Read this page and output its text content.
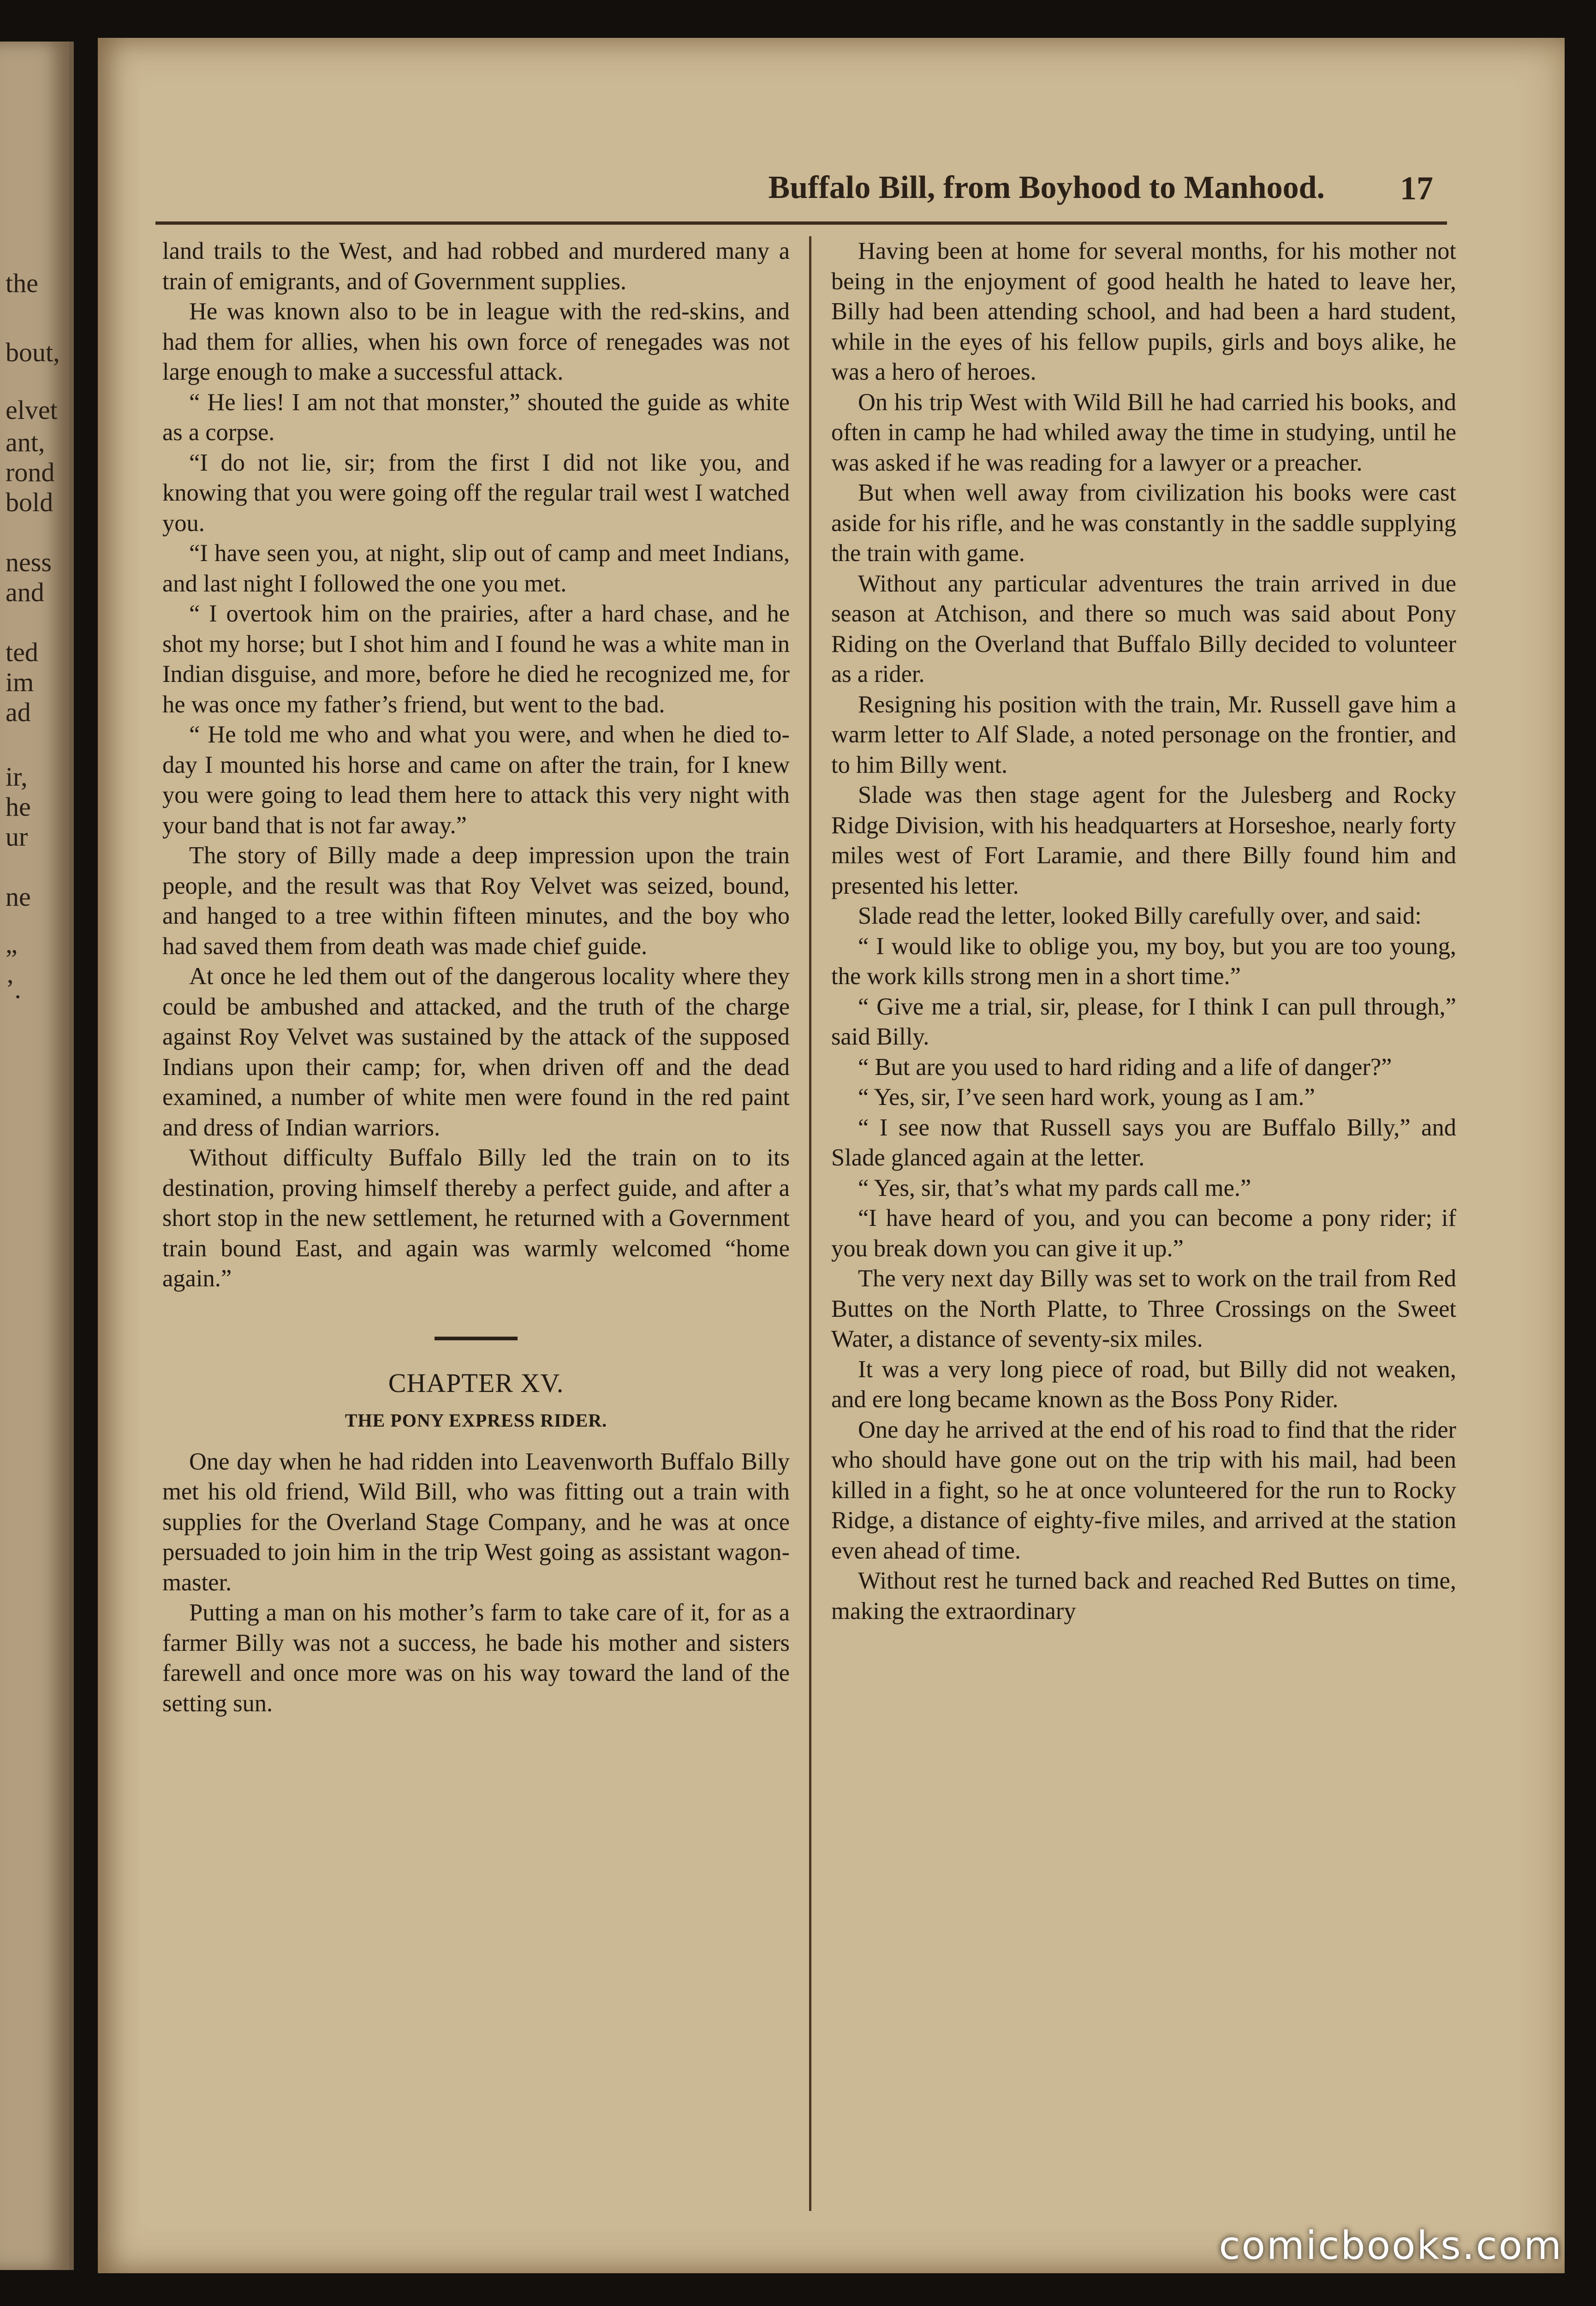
the
bout,
elvet
ant,
rond
bold
ness
and
ted
im
ad
ir,
he
ur
ne
”
’.
Buffalo Bill, from Boyhood to Manhood.	17

land trails to the West, and had robbed and murdered many a train of emigrants, and of Government supplies.

He was known also to be in league with the red-skins, and had them for allies, when his own force of renegades was not large enough to make a successful attack.

“ He lies! I am not that monster,” shouted the guide as white as a corpse.

“I do not lie, sir; from the first I did not like you, and knowing that you were going off the regular trail west I watched you.

“I have seen you, at night, slip out of camp and meet Indians, and last night I followed the one you met.

“ I overtook him on the prairies, after a hard chase, and he shot my horse; but I shot him and I found he was a white man in Indian disguise, and more, before he died he recognized me, for he was once my father’s friend, but went to the bad.

“ He told me who and what you were, and when he died to-day I mounted his horse and came on after the train, for I knew you were going to lead them here to attack this very night with your band that is not far away.”

The story of Billy made a deep impression upon the train people, and the result was that Roy Velvet was seized, bound, and hanged to a tree within fifteen minutes, and the boy who had saved them from death was made chief guide.

At once he led them out of the dangerous locality where they could be ambushed and attacked, and the truth of the charge against Roy Velvet was sustained by the attack of the supposed Indians upon their camp; for, when driven off and the dead examined, a number of white men were found in the red paint and dress of Indian warriors.

Without difficulty Buffalo Billy led the train on to its destination, proving himself thereby a perfect guide, and after a short stop in the new settlement, he returned with a Government train bound East, and again was warmly welcomed “home again.”

CHAPTER XV.
THE PONY EXPRESS RIDER.

One day when he had ridden into Leavenworth Buffalo Billy met his old friend, Wild Bill, who was fitting out a train with supplies for the Overland Stage Company, and he was at once persuaded to join him in the trip West going as assistant wagon-master.

Putting a man on his mother’s farm to take care of it, for as a farmer Billy was not a success, he bade his mother and sisters farewell and once more was on his way toward the land of the setting sun.

Having been at home for several months, for his mother not being in the enjoyment of good health he hated to leave her, Billy had been attending school, and had been a hard student, while in the eyes of his fellow pupils, girls and boys alike, he was a hero of heroes.

On his trip West with Wild Bill he had carried his books, and often in camp he had whiled away the time in studying, until he was asked if he was reading for a lawyer or a preacher.

But when well away from civilization his books were cast aside for his rifle, and he was constantly in the saddle supplying the train with game.

Without any particular adventures the train arrived in due season at Atchison, and there so much was said about Pony Riding on the Overland that Buffalo Billy decided to volunteer as a rider.

Resigning his position with the train, Mr. Russell gave him a warm letter to Alf Slade, a noted personage on the frontier, and to him Billy went.

Slade was then stage agent for the Julesberg and Rocky Ridge Division, with his headquarters at Horseshoe, nearly forty miles west of Fort Laramie, and there Billy found him and presented his letter.

Slade read the letter, looked Billy carefully over, and said:

“ I would like to oblige you, my boy, but you are too young, the work kills strong men in a short time.”

“ Give me a trial, sir, please, for I think I can pull through,” said Billy.

“ But are you used to hard riding and a life of danger?”

“ Yes, sir, I’ve seen hard work, young as I am.”

“ I see now that Russell says you are Buffalo Billy,” and Slade glanced again at the letter.

“ Yes, sir, that’s what my pards call me.”

“I have heard of you, and you can become a pony rider; if you break down you can give it up.”

The very next day Billy was set to work on the trail from Red Buttes on the North Platte, to Three Crossings on the Sweet Water, a distance of seventy-six miles.

It was a very long piece of road, but Billy did not weaken, and ere long became known as the Boss Pony Rider.

One day he arrived at the end of his road to find that the rider who should have gone out on the trip with his mail, had been killed in a fight, so he at once volunteered for the run to Rocky Ridge, a distance of eighty-five miles, and arrived at the station even ahead of time.

Without rest he turned back and reached Red Buttes on time, making the extraordinary

comicbooks.com
